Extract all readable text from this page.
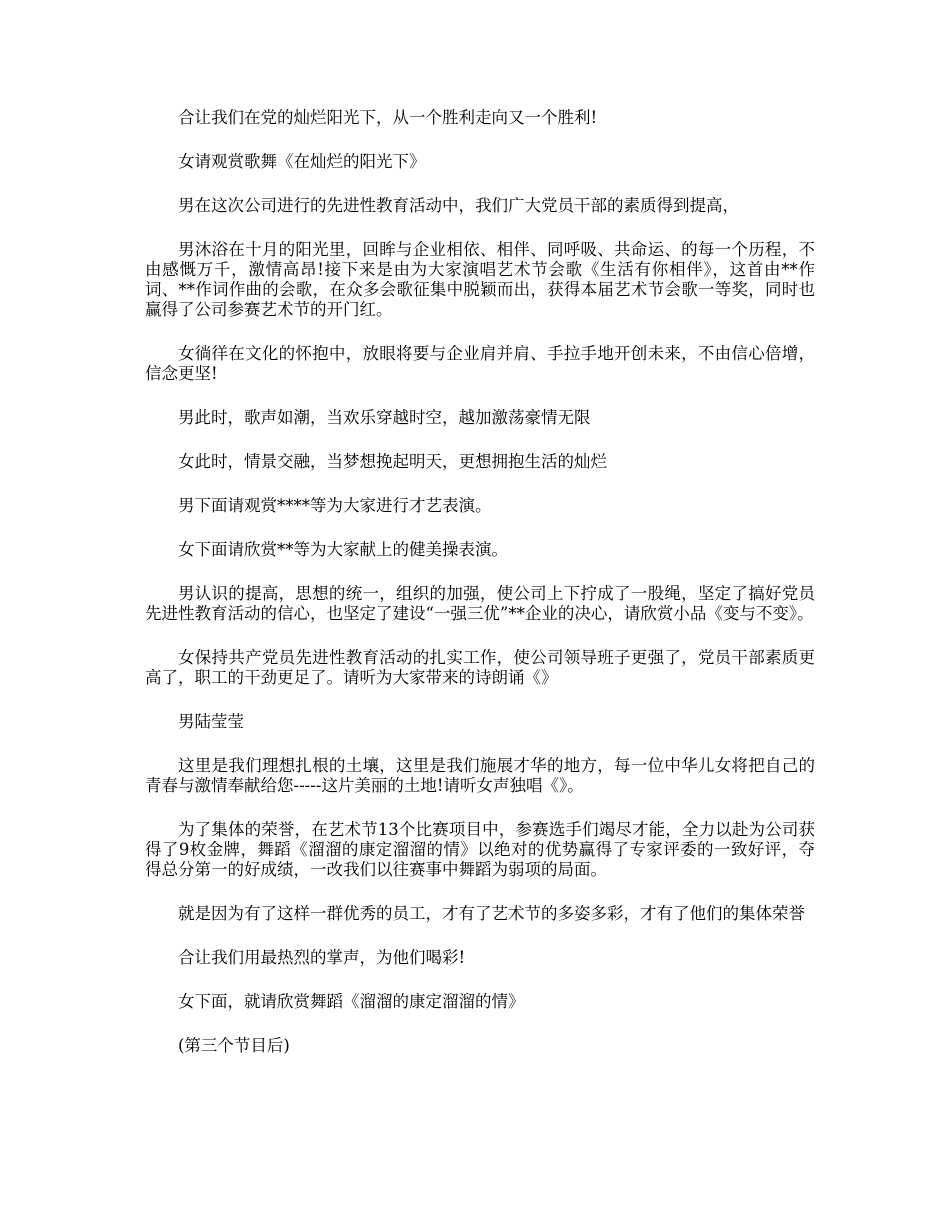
合让我们在党的灿烂阳光下，从一个胜利走向又一个胜利!

女请观赏歌舞《在灿烂的阳光下》

男在这次公司进行的先进性教育活动中，我们广大党员干部的素质得到提高，

男沐浴在十月的阳光里，回眸与企业相依、相伴、同呼吸、共命运、的每一个历程，不由感慨万千，激情高昂!接下来是由为大家演唱艺术节会歌《生活有你相伴》，这首由**作词、**作词作曲的会歌，在众多会歌征集中脱颖而出，获得本届艺术节会歌一等奖，同时也赢得了公司参赛艺术节的开门红。

女徜徉在文化的怀抱中，放眼将要与企业肩并肩、手拉手地开创未来，不由信心倍增，信念更坚!

男此时，歌声如潮，当欢乐穿越时空，越加激荡豪情无限

女此时，情景交融，当梦想挽起明天，更想拥抱生活的灿烂

男下面请观赏****等为大家进行才艺表演。

女下面请欣赏**等为大家献上的健美操表演。

男认识的提高，思想的统一，组织的加强，使公司上下拧成了一股绳，坚定了搞好党员先进性教育活动的信心，也坚定了建设“一强三优”**企业的决心，请欣赏小品《变与不变》。

女保持共产党员先进性教育活动的扎实工作，使公司领导班子更强了，党员干部素质更高了，职工的干劲更足了。请听为大家带来的诗朗诵《》

男陆莹莹

这里是我们理想扎根的土壤，这里是我们施展才华的地方，每一位中华儿女将把自己的青春与激情奉献给您-----这片美丽的土地!请听女声独唱《》。

为了集体的荣誉，在艺术节13个比赛项目中，参赛选手们竭尽才能，全力以赴为公司获得了9枚金牌，舞蹈《溜溜的康定溜溜的情》以绝对的优势赢得了专家评委的一致好评，夺得总分第一的好成绩，一改我们以往赛事中舞蹈为弱项的局面。

就是因为有了这样一群优秀的员工，才有了艺术节的多姿多彩，才有了他们的集体荣誉

合让我们用最热烈的掌声，为他们喝彩!

女下面，就请欣赏舞蹈《溜溜的康定溜溜的情》

(第三个节目后)
